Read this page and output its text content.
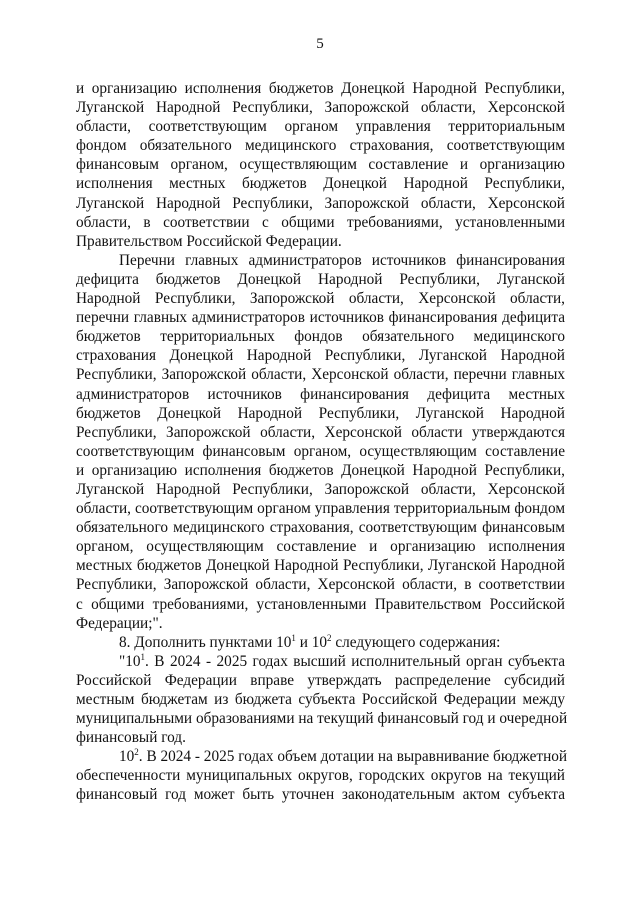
5
и организацию исполнения бюджетов Донецкой Народной Республики,
Луганской Народной Республики, Запорожской области, Херсонской
области, соответствующим органом управления территориальным
фондом обязательного медицинского страхования, соответствующим
финансовым органом, осуществляющим составление и организацию
исполнения местных бюджетов Донецкой Народной Республики,
Луганской Народной Республики, Запорожской области, Херсонской
области, в соответствии с общими требованиями, установленными
Правительством Российской Федерации.
Перечни главных администраторов источников финансирования
дефицита бюджетов Донецкой Народной Республики, Луганской
Народной Республики, Запорожской области, Херсонской области,
перечни главных администраторов источников финансирования дефицита
бюджетов территориальных фондов обязательного медицинского
страхования Донецкой Народной Республики, Луганской Народной
Республики, Запорожской области, Херсонской области, перечни главных
администраторов источников финансирования дефицита местных
бюджетов Донецкой Народной Республики, Луганской Народной
Республики, Запорожской области, Херсонской области утверждаются
соответствующим финансовым органом, осуществляющим составление
и организацию исполнения бюджетов Донецкой Народной Республики,
Луганской Народной Республики, Запорожской области, Херсонской
области, соответствующим органом управления территориальным фондом
обязательного медицинского страхования, соответствующим финансовым
органом, осуществляющим составление и организацию исполнения
местных бюджетов Донецкой Народной Республики, Луганской Народной
Республики, Запорожской области, Херсонской области, в соответствии
с общими требованиями, установленными Правительством Российской
Федерации;".
8. Дополнить пунктами $10^1$ и $10^2$ следующего содержания:
"$10^1$. В 2024 - 2025 годах высший исполнительный орган субъекта
Российской Федерации вправе утверждать распределение субсидий
местным бюджетам из бюджета субъекта Российской Федерации между
муниципальными образованиями на текущий финансовый год и очередной
финансовый год.
$10^2$. В 2024 - 2025 годах объем дотации на выравнивание бюджетной
обеспеченности муниципальных округов, городских округов на текущий
финансовый год может быть уточнен законодательным актом субъекта
